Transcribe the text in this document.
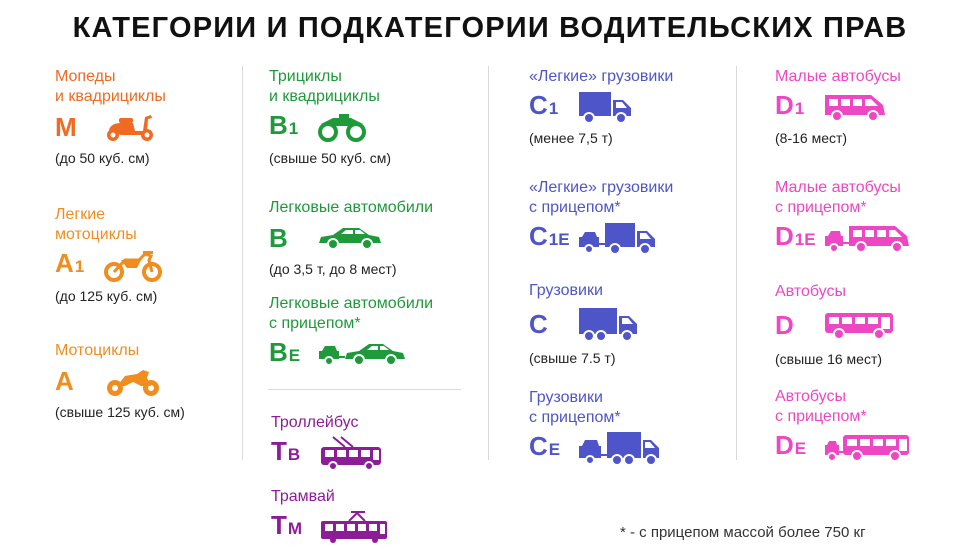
КАТЕГОРИИ И ПОДКАТЕГОРИИ ВОДИТЕЛЬСКИХ ПРАВ
Мопеды
и квадрициклы
M
(до 50 куб. см)
Легкие
мотоциклы
A 1
(до 125 куб. см)
Мотоциклы
A
(свыше 125 куб. см)
Трициклы
и квадрициклы
B 1
(свыше 50 куб. см)
Легковые автомобили
B
(до 3,5 т, до 8 мест)
Легковые автомобили
с прицепом*
B E
Троллейбус
T B
Трамвай
T M
«Легкие» грузовики
C 1
(менее 7,5 т)
«Легкие» грузовики
с прицепом*
C 1E
Грузовики
C
(свыше 7.5 т)
Грузовики
с прицепом*
C E
Малые автобусы
D 1
(8-16 мест)
Малые автобусы
с прицепом*
D 1E
Автобусы
D
(свыше 16 мест)
Автобусы
с прицепом*
D E
* - с прицепом массой более 750 кг
